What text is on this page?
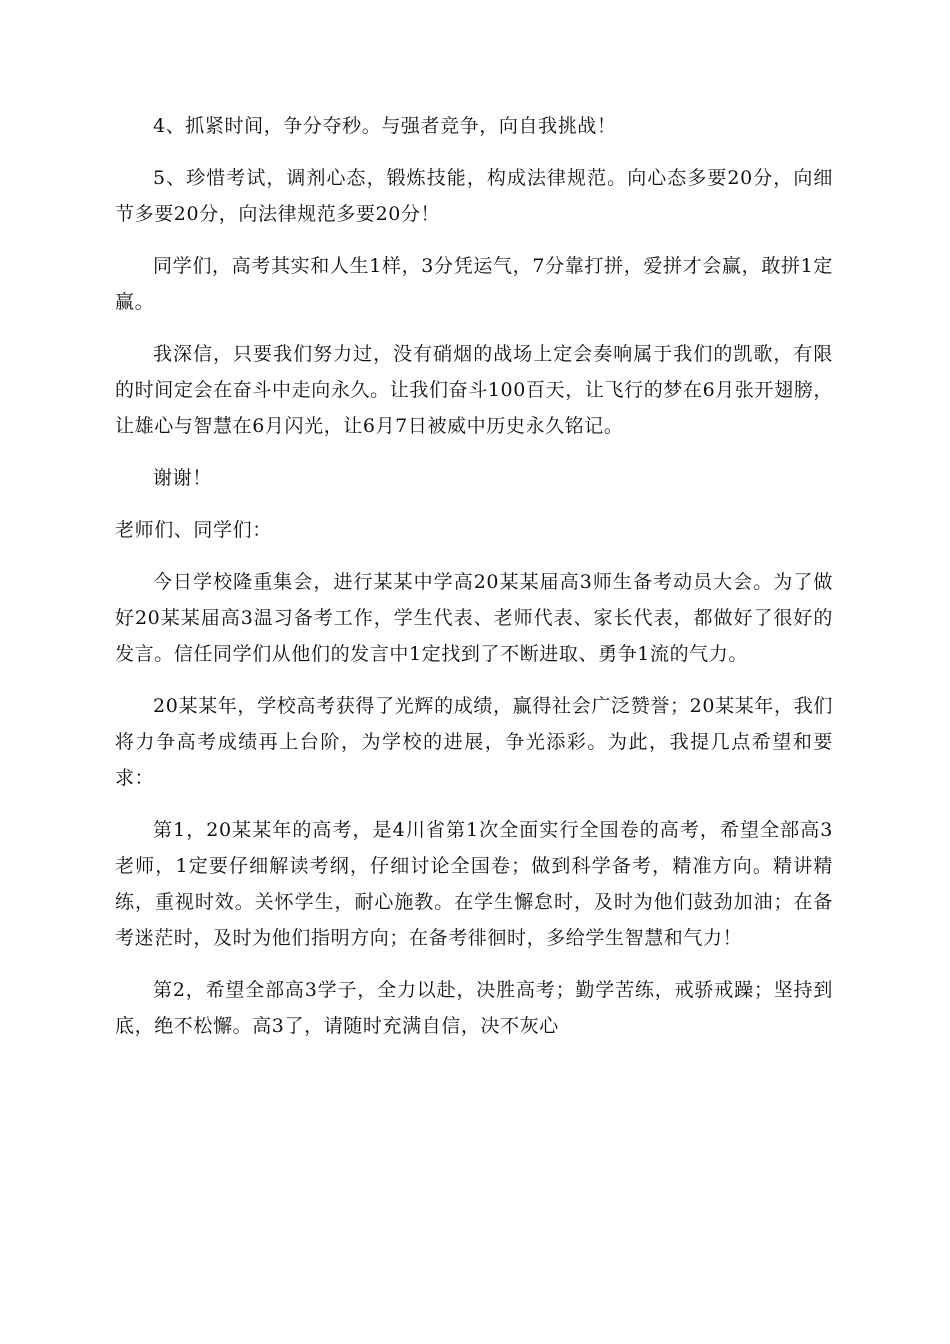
4、抓紧时间，争分夺秒。与强者竞争，向自我挑战！

5、珍惜考试，调剂心态，锻炼技能，构成法律规范。向心态多要20分，向细节多要20分，向法律规范多要20分！

同学们，高考其实和人生1样，3分凭运气，7分靠打拼，爱拼才会赢，敢拼1定赢。

我深信，只要我们努力过，没有硝烟的战场上定会奏响属于我们的凯歌，有限的时间定会在奋斗中走向永久。让我们奋斗100百天，让飞行的梦在6月张开翅膀，让雄心与智慧在6月闪光，让6月7日被威中历史永久铭记。

谢谢！

老师们、同学们：

今日学校隆重集会，进行某某中学高20某某届高3师生备考动员大会。为了做好20某某届高3温习备考工作，学生代表、老师代表、家长代表，都做好了很好的发言。信任同学们从他们的发言中1定找到了不断进取、勇争1流的气力。

20某某年，学校高考获得了光辉的成绩，赢得社会广泛赞誉；20某某年，我们将力争高考成绩再上台阶，为学校的进展，争光添彩。为此，我提几点希望和要求：

第1，20某某年的高考，是4川省第1次全面实行全国卷的高考，希望全部高3老师，1定要仔细解读考纲，仔细讨论全国卷；做到科学备考，精准方向。精讲精练，重视时效。关怀学生，耐心施教。在学生懈怠时，及时为他们鼓劲加油；在备考迷茫时，及时为他们指明方向；在备考徘徊时，多给学生智慧和气力！

第2，希望全部高3学子，全力以赴，决胜高考；勤学苦练，戒骄戒躁；坚持到底，绝不松懈。高3了，请随时充满自信，决不灰心
